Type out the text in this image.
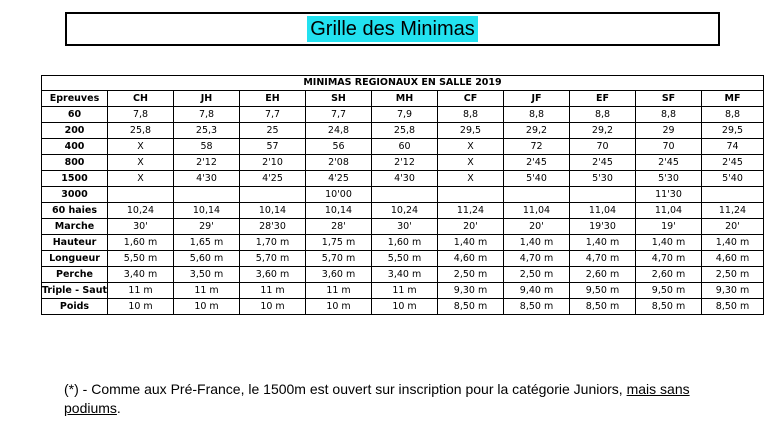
Grille des Minimas
MINIMAS REGIONAUX EN SALLE 2019										
Epreuves	CH	JH	EH	SH	MH	CF	JF	EF	SF	MF
60	7,8	7,8	7,7	7,7	7,9	8,8	8,8	8,8	8,8	8,8
200	25,8	25,3	25	24,8	25,8	29,5	29,2	29,2	29	29,5
400	X	58	57	56	60	X	72	70	70	74
800	X	2'12	2'10	2'08	2'12	X	2'45	2'45	2'45	2'45
1500	X	4'30	4'25	4'25	4'30	X	5'40	5'30	5'30	5'40
3000				10'00					11'30	
60 haies	10,24	10,14	10,14	10,14	10,24	11,24	11,04	11,04	11,04	11,24
Marche	30'	29'	28'30	28'	30'	20'	20'	19'30	19'	20'
Hauteur	1,60 m	1,65 m	1,70 m	1,75 m	1,60 m	1,40 m	1,40 m	1,40 m	1,40 m	1,40 m
Longueur	5,50 m	5,60 m	5,70 m	5,70 m	5,50 m	4,60 m	4,70 m	4,70 m	4,70 m	4,60 m
Perche	3,40 m	3,50 m	3,60 m	3,60 m	3,40 m	2,50 m	2,50 m	2,60 m	2,60 m	2,50 m
Triple - Saut	11 m	11 m	11 m	11 m	11 m	9,30 m	9,40 m	9,50 m	9,50 m	9,30 m
Poids	10 m	10 m	10 m	10 m	10 m	8,50 m	8,50 m	8,50 m	8,50 m	8,50 m
(*) - Comme aux Pré-France, le 1500m est ouvert sur inscription pour la catégorie Juniors, mais sans podiums.
